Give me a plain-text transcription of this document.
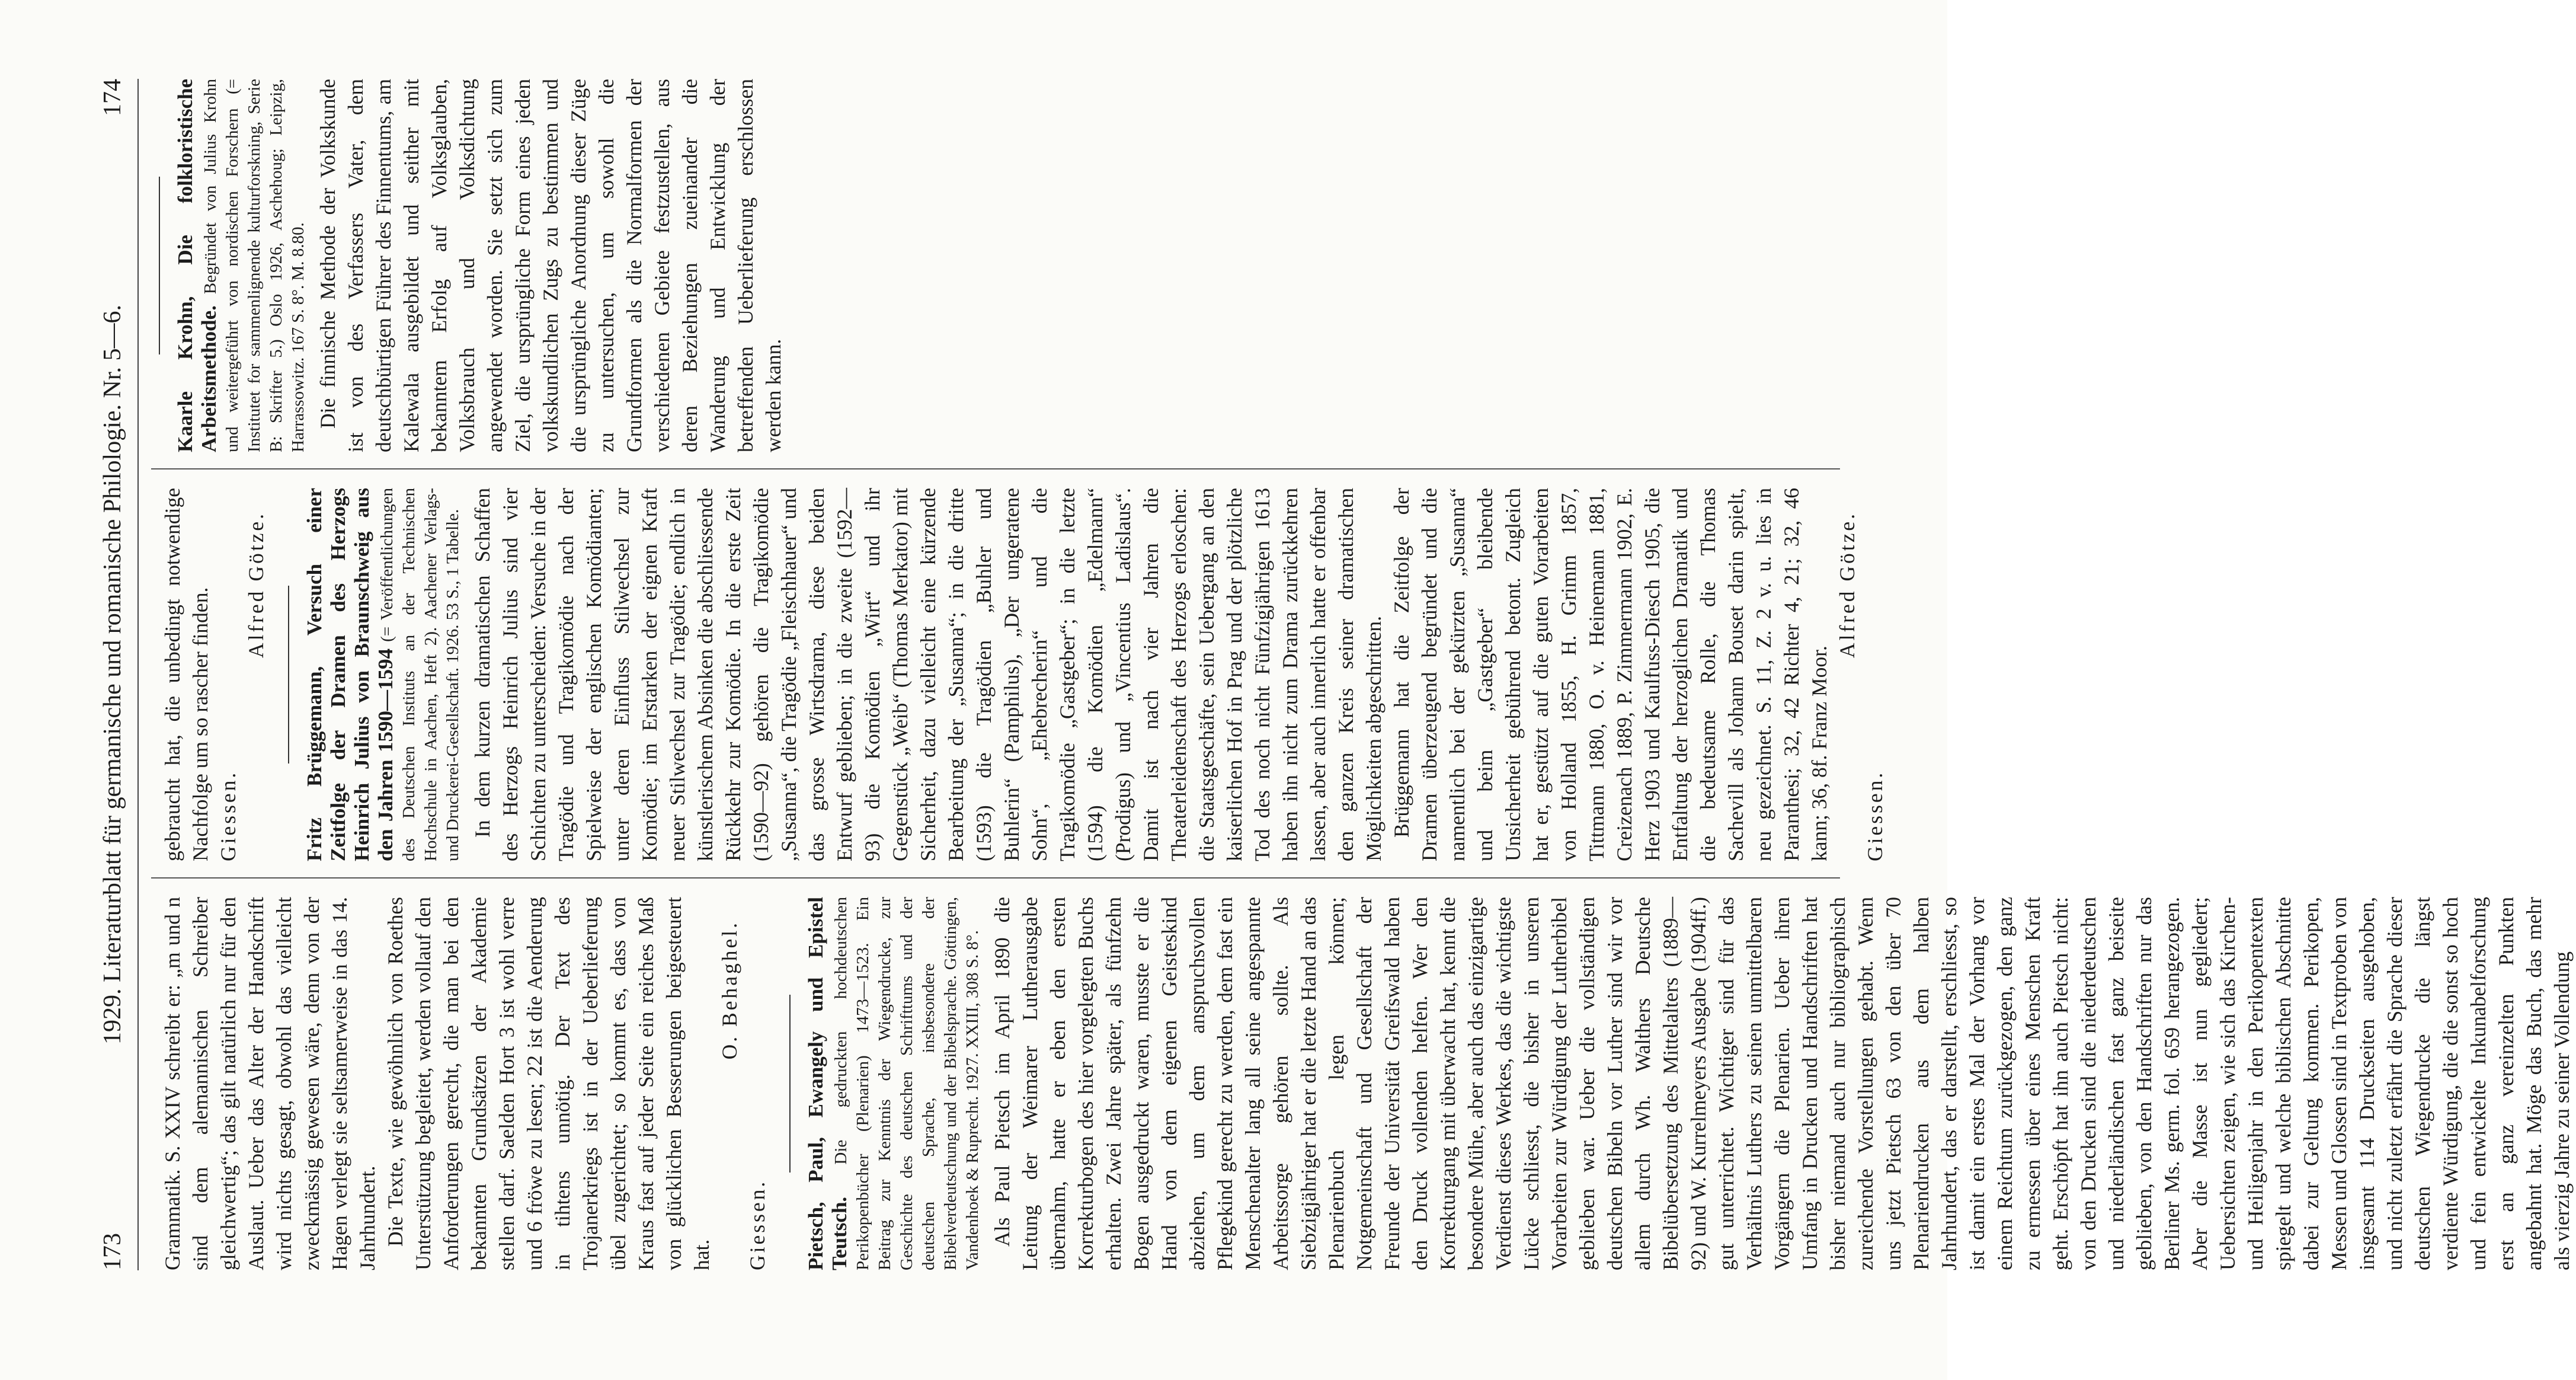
173
1929. Literaturblatt für germanische und romanische Philologie. Nr. 5—6.
174

Grammatik. S. XXIV schreibt er: „m und n sind dem alemannischen Schreiber gleichwertig“; das gilt natürlich nur für den Auslaut. Ueber das Alter der Handschrift wird nichts gesagt, obwohl das vielleicht zweckmässig gewesen wäre, denn von der Hagen verlegt sie seltsamerweise in das 14. Jahrhundert. Die Texte, wie gewöhnlich von Roethes Unterstützung begleitet, werden vollauf den Anforderungen gerecht, die man bei den bekannten Grundsätzen der Akademie stellen darf. Saelden Hort 3 ist wohl verre und 6 fröwe zu lesen; 22 ist die Aenderung in tihtens unnötig. Der Text des Trojanerkriegs ist in der Ueberlieferung übel zugerichtet; so kommt es, dass von Kraus fast auf jeder Seite ein reiches Maß von glücklichen Besserungen beigesteuert hat.

O. Behaghel.

Giessen. Pietsch, Paul, Ewangely und Epistel Teutsch. Die gedruckten hochdeutschen Perikopenbücher (Plenarien) 1473—1523. Ein Beitrag zur Kenntnis der Wiegendrucke, zur Geschichte des deutschen Schrifttums und der deutschen Sprache, insbesondere der Bibelverdeutschung und der Bibelsprache. Göttingen, Vandenhoek & Ruprecht. 1927. XXIII, 308 S. 8°. Als Paul Pietsch im April 1890 die Leitung der Weimarer Lutherausgabe übernahm, hatte er eben den ersten Korrekturbogen des hier vorgelegten Buchs erhalten. Zwei Jahre später, als fünfzehn Bogen ausgedruckt waren, musste er die Hand von dem eigenen Geisteskind abziehen, um dem anspruchsvollen Pflegekind gerecht zu werden, dem fast ein Menschenalter lang all seine angespannte Arbeitssorge gehören sollte. Als Siebzigjähriger hat er die letzte Hand an das Plenarienbuch legen können; Notgemeinschaft und Gesellschaft der Freunde der Universität Greifswald haben den Druck vollenden helfen. Wer den Korrekturgang mit überwacht hat, kennt die besondere Mühe, aber auch das einzigartige Verdienst dieses Werkes, das die wichtigste Lücke schliesst, die bisher in unseren Vorarbeiten zur Würdigung der Lutherbibel geblieben war. Ueber die vollständigen deutschen Bibeln vor Luther sind wir vor allem durch Wh. Walthers Deutsche Bibelübersetzung des Mittelalters (1889—92) und W. Kurrelmeyers Ausgabe (1904ff.) gut unterrichtet. Wichtiger sind für das Verhältnis Luthers zu seinen unmittelbaren Vorgängern die Plenarien. Ueber ihren Umfang in Drucken und Handschriften hat bisher niemand auch nur bibliographisch zureichende Vorstellungen gehabt. Wenn uns jetzt Pietsch 63 von den über 70 Plenariendrucken aus dem halben Jahrhundert, das er darstellt, erschliesst, so ist damit ein erstes Mal der Vorhang vor einem Reichtum zurückgezogen, den ganz zu ermessen über eines Menschen Kraft geht. Erschöpft hat ihn auch Pietsch nicht: von den Drucken sind die niederdeutschen und niederländischen fast ganz beiseite geblieben, von den Handschriften nur das Berliner Ms. germ. fol. 659 herangezogen. Aber die Masse ist nun gegliedert; Uebersichten zeigen, wie sich das Kirchen- und Heiligenjahr in den Perikopentexten spiegelt und welche biblischen Abschnitte dabei zur Geltung kommen. Perikopen, Messen und Glossen sind in Textproben von insgesamt 114 Druckseiten ausgehoben, und nicht zuletzt erfährt die Sprache dieser deutschen Wiegendrucke die längst verdiente Würdigung, die die sonst so hoch und fein entwickelte Inkunabelforschung erst an ganz vereinzelten Punkten angebahnt hat. Möge das Buch, das mehr als vierzig Jahre zu seiner Vollendung

gebraucht hat, die unbedingt notwendige Nachfolge um so rascher finden. Giessen.

Alfred Götze. Fritz Brüggemann, Versuch einer Zeitfolge der Dramen des Herzogs Heinrich Julius von Braunschweig aus den Jahren 1590—1594 (= Veröffentlichungen des Deutschen Instituts an der Technischen Hochschule in Aachen, Heft 2). Aachener Verlags- und Druckerei-Gesellschaft. 1926. 53 S., 1 Tabelle. In dem kurzen dramatischen Schaffen des Herzogs Heinrich Julius sind vier Schichten zu unterscheiden: Versuche in der Tragödie und Tragikomödie nach der Spielweise der englischen Komödianten; unter deren Einfluss Stilwechsel zur Komödie; im Erstarken der eignen Kraft neuer Stilwechsel zur Tragödie; endlich in künstlerischem Absinken die abschliessende Rückkehr zur Komödie. In die erste Zeit (1590—92) gehören die Tragikomödie „Susanna“, die Tragödie „Fleischhauer“ und das grosse Wirtsdrama, diese beiden Entwurf geblieben; in die zweite (1592—93) die Komödien „Wirt“ und ihr Gegenstück „Weib“ (Thomas Merkator) mit Sicherheit, dazu vielleicht eine kürzende Bearbeitung der „Susanna“; in die dritte (1593) die Tragödien „Buhler und Buhlerin“ (Pamphilus), „Der ungeratene Sohn“, „Ehebrecherin“ und die Tragikomödie „Gastgeber“; in die letzte (1594) die Komödien „Edelmann“ (Prodigus) und „Vincentius Ladislaus“. Damit ist nach vier Jahren die Theaterleidenschaft des Herzogs erloschen: die Staatsgeschäfte, sein Uebergang an den kaiserlichen Hof in Prag und der plötzliche Tod des noch nicht Fünfzigjährigen 1613 haben ihn nicht zum Drama zurückkehren lassen, aber auch innerlich hatte er offenbar den ganzen Kreis seiner dramatischen Möglichkeiten abgeschritten. Brüggemann hat die Zeitfolge der Dramen überzeugend begründet und die namentlich bei der gekürzten „Susanna“ und beim „Gastgeber“ bleibende Unsicherheit gebührend betont. Zugleich hat er, gestützt auf die guten Vorarbeiten von Holland 1855, H. Grimm 1857, Tittmann 1880, O. v. Heinemann 1881, Creizenach 1889, P. Zimmermann 1902, E. Herz 1903 und Kaulfuss-Diesch 1905, die Entfaltung der herzoglichen Dramatik und die bedeutsame Rolle, die Thomas Sachevill als Johann Bouset darin spielt, neu gezeichnet. S. 11, Z. 2 v. u. lies in Paranthesi; 32, 42 Richter 4, 21; 32, 46 kann; 36, 8f. Franz Moor.

Alfred Götze.

Giessen.

Kaarle Krohn, Die folkloristische Arbeitsmethode. Begründet von Julius Krohn und weitergeführt von nordischen Forschern (= Institutet for sammenlignende kulturforskning, Serie B: Skrifter 5.) Oslo 1926, Aschehoug; Leipzig, Harrassowitz. 167 S. 8°. M. 8.80. Die finnische Methode der Volkskunde ist von des Verfassers Vater, dem deutschbürtigen Führer des Finnentums, am Kalewala ausgebildet und seither mit bekanntem Erfolg auf Volksglauben, Volksbrauch und Volksdichtung angewendet worden. Sie setzt sich zum Ziel, die ursprüngliche Form eines jeden volkskundlichen Zugs zu bestimmen und die ursprüngliche Anordnung dieser Züge zu untersuchen, um sowohl die Grundformen als die Normalformen der verschiedenen Gebiete festzustellen, aus deren Beziehungen zueinander die Wanderung und Entwicklung der betreffenden Ueberlieferung erschlossen werden kann.
